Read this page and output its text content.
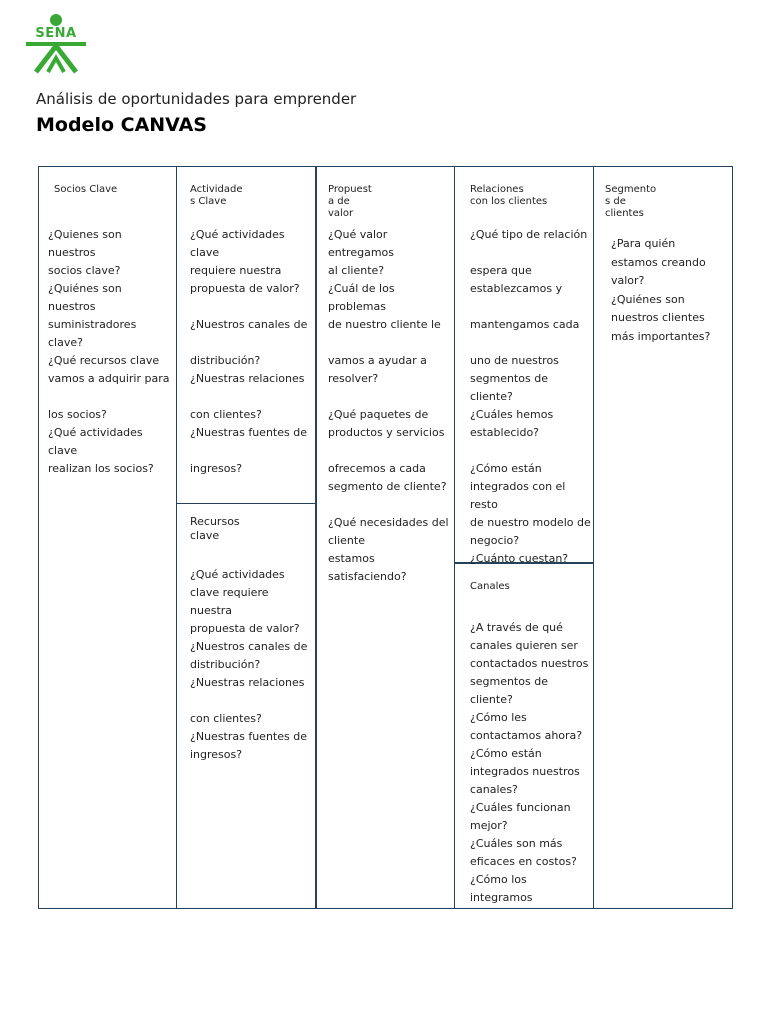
SENA
Análisis de oportunidades para emprender
Modelo CANVAS
Socios Clave
¿Quienes son
nuestros
socios clave?
¿Quiénes son
nuestros
suministradores
clave?
¿Qué recursos clave
vamos a adquirir para
los socios?
¿Qué actividades
clave
realizan los socios?
Actividade
s Clave
¿Qué actividades
clave
requiere nuestra
propuesta de valor?
¿Nuestros canales de
distribución?
¿Nuestras relaciones
con clientes?
¿Nuestras fuentes de
ingresos?
Recursos
clave
¿Qué actividades
clave requiere
nuestra
propuesta de valor?
¿Nuestros canales de
distribución?
¿Nuestras relaciones
con clientes?
¿Nuestras fuentes de
ingresos?
Propuest
a de
valor
¿Qué valor
entregamos
al cliente?
¿Cuál de los
problemas
de nuestro cliente le
vamos a ayudar a
resolver?
¿Qué paquetes de
productos y servicios
ofrecemos a cada
segmento de cliente?
¿Qué necesidades del
cliente
estamos
satisfaciendo?
Relaciones
con los clientes
¿Qué tipo de relación
espera que
establezcamos y
mantengamos cada
uno de nuestros
segmentos de
cliente?
¿Cuáles hemos
establecido?
¿Cómo están
integrados con el
resto
de nuestro modelo de
negocio?
¿Cuánto cuestan?
Canales
¿A través de qué
canales quieren ser
contactados nuestros
segmentos de
cliente?
¿Cómo les
contactamos ahora?
¿Cómo están
integrados nuestros
canales?
¿Cuáles funcionan
mejor?
¿Cuáles son más
eficaces en costos?
¿Cómo los
integramos
Segmento
s de
clientes
¿Para quién
estamos creando
valor?
¿Quiénes son
nuestros clientes
más importantes?
